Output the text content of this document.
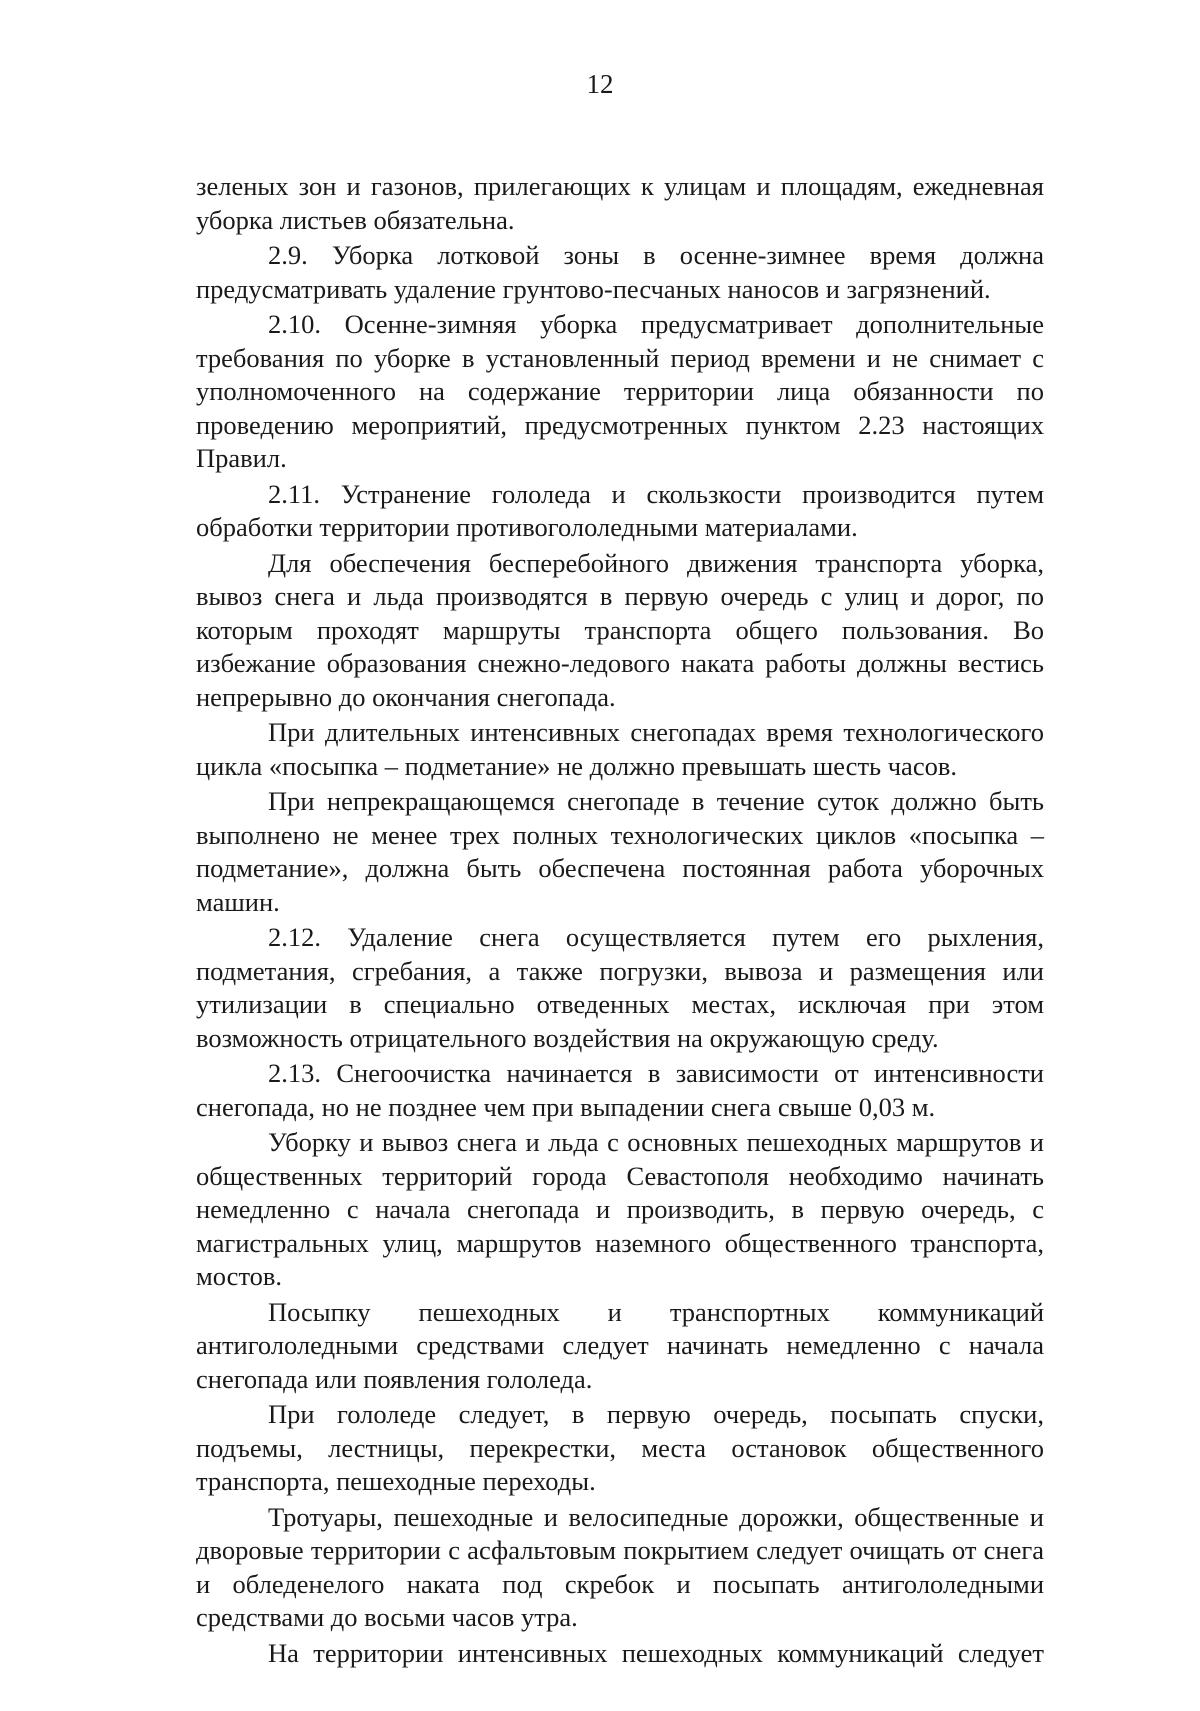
12

зеленых зон и газонов, прилегающих к улицам и площадям, ежедневная уборка листьев обязательна.

2.9. Уборка лотковой зоны в осенне-зимнее время должна предусматривать удаление грунтово-песчаных наносов и загрязнений.

2.10. Осенне-зимняя уборка предусматривает дополнительные требования по уборке в установленный период времени и не снимает с уполномоченного на содержание территории лица обязанности по проведению мероприятий, предусмотренных пунктом 2.23 настоящих Правил.

2.11. Устранение гололеда и скользкости производится путем обработки территории противогололедными материалами.

Для обеспечения бесперебойного движения транспорта уборка, вывоз снега и льда производятся в первую очередь с улиц и дорог, по которым проходят маршруты транспорта общего пользования. Во избежание образования снежно-ледового наката работы должны вестись непрерывно до окончания снегопада.

При длительных интенсивных снегопадах время технологического цикла «посыпка – подметание» не должно превышать шесть часов.

При непрекращающемся снегопаде в течение суток должно быть выполнено не менее трех полных технологических циклов «посыпка – подметание», должна быть обеспечена постоянная работа уборочных машин.

2.12. Удаление снега осуществляется путем его рыхления, подметания, сгребания, а также погрузки, вывоза и размещения или утилизации в специально отведенных местах, исключая при этом возможность отрицательного воздействия на окружающую среду.

2.13. Снегоочистка начинается в зависимости от интенсивности снегопада, но не позднее чем при выпадении снега свыше 0,03 м.

Уборку и вывоз снега и льда с основных пешеходных маршрутов и общественных территорий города Севастополя необходимо начинать немедленно с начала снегопада и производить, в первую очередь, с магистральных улиц, маршрутов наземного общественного транспорта, мостов.

Посыпку пешеходных и транспортных коммуникаций антигололедными средствами следует начинать немедленно с начала снегопада или появления гололеда.

При гололеде следует, в первую очередь, посыпать спуски, подъемы, лестницы, перекрестки, места остановок общественного транспорта, пешеходные переходы.

Тротуары, пешеходные и велосипедные дорожки, общественные и дворовые территории с асфальтовым покрытием следует очищать от снега и обледенелого наката под скребок и посыпать антигололедными средствами до восьми часов утра.

На территории интенсивных пешеходных коммуникаций следует
